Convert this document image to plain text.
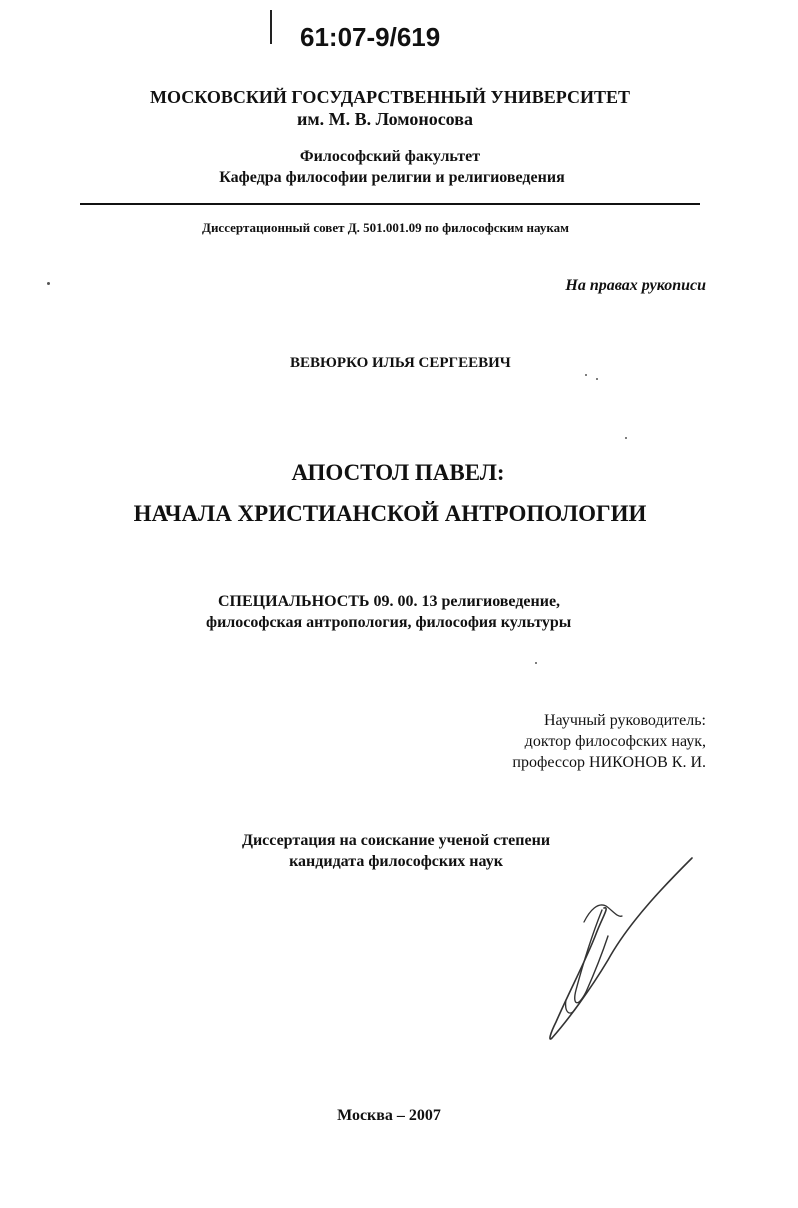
61:07-9/619
МОСКОВСКИЙ ГОСУДАРСТВЕННЫЙ УНИВЕРСИТЕТ
им. М. В. Ломоносова
Философский факультет
Кафедра философии религии и религиоведения
Диссертационный совет Д. 501.001.09 по философским наукам
На правах рукописи
ВЕВЮРКО ИЛЬЯ СЕРГЕЕВИЧ
АПОСТОЛ ПАВЕЛ:
НАЧАЛА ХРИСТИАНСКОЙ АНТРОПОЛОГИИ
СПЕЦИАЛЬНОСТЬ 09. 00. 13 религиоведение,
философская антропология, философия культуры
Научный руководитель:
доктор философских наук,
профессор НИКОНОВ К. И.
Диссертация на соискание ученой степени
кандидата философских наук
Москва – 2007
